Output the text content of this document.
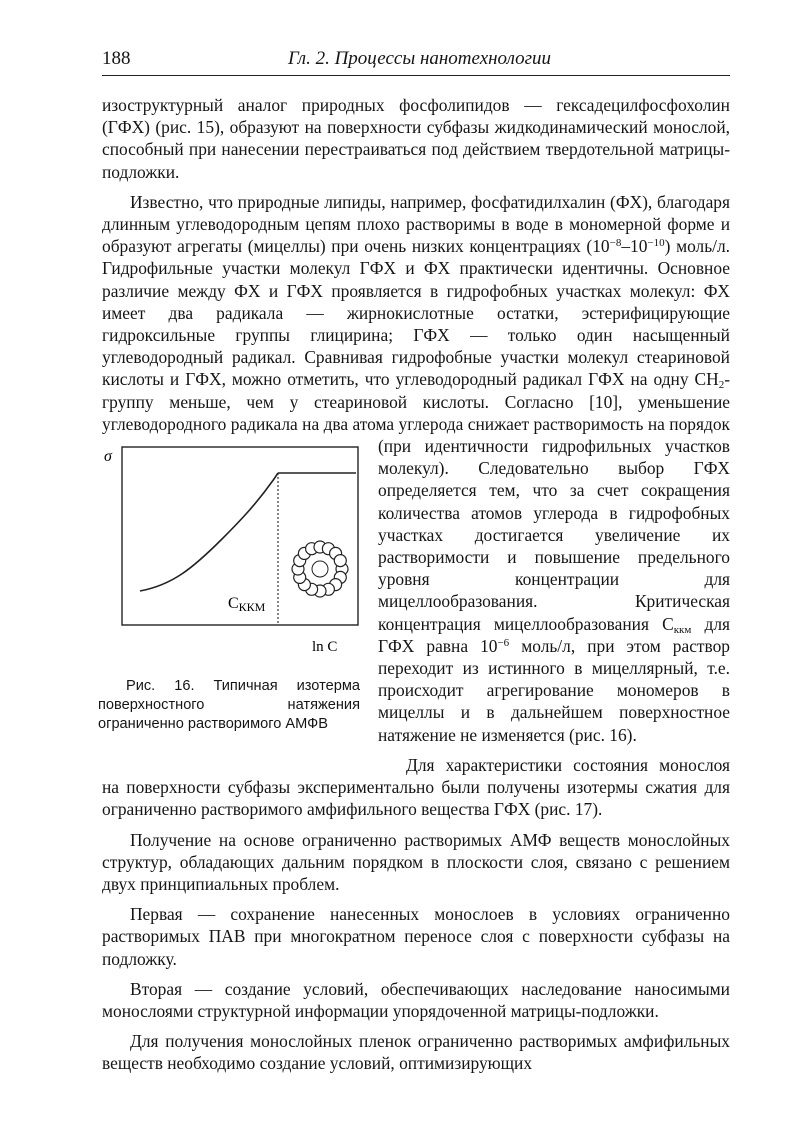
188	Гл. 2. Процессы нанотехнологии

изоструктурный аналог природных фосфолипидов — гексадецилфосфохолин (ГФХ) (рис. 15), образуют на поверхности субфазы жидкодинамический монослой, способный при нанесении перестраиваться под действием твердотельной матрицы-подложки.

Известно, что природные липиды, например, фосфатидилхалин (ФХ), благодаря длинным углеводородным цепям плохо растворимы в воде в мономерной форме и образуют агрегаты (мицеллы) при очень низких концентрациях $(10^{-8}-10^{-10})$ моль/л. Гидрофильные участки молекул ГФХ и ФХ практически идентичны. Основное различие между ФХ и ГФХ проявляется в гидрофобных участках молекул: ФХ имеет два радикала — жирнокислотные остатки, эстерифицирующие гидроксильные группы глицирина; ГФХ — только один насыщенный углеводородный радикал. Сравнивая гидрофобные участки молекул стеариновой кислоты и ГФХ, можно отметить, что углеводородный радикал ГФХ на одну $СН_2$-группу меньше, чем у стеариновой кислоты. Согласно [10], уменьшение углеводородного радикала на два атома углерода снижает
σ
СККМ
ln C
Рис. 16. Типичная изотерма поверхностного натяжения ограниченно растворимого АМФВ
растворимость на порядок (при идентичности гидрофильных участков молекул). Следовательно выбор ГФХ определяется тем, что за счет сокращения количества атомов углерода в гидрофобных участках достигается увеличение их растворимости и повышение предельного уровня концентрации для мицеллообразования. Критическая концентрация мицеллообразования $С_{ккм}$ для ГФХ равна $10^{-6}$ моль/л, при этом раствор переходит из истинного в мицеллярный, т.е. происходит агрегирование мономеров в мицеллы и в дальнейшем поверхностное натяжение не изменяется (рис. 16).

Для характеристики состояния монослоя на поверхности субфазы экспериментально были получены изотермы сжатия для ограниченно растворимого амфифильного вещества ГФХ (рис. 17).

Получение на основе ограниченно растворимых АМФ веществ монослойных структур, обладающих дальним порядком в плоскости слоя, связано с решением двух принципиальных проблем.

Первая — сохранение нанесенных монослоев в условиях ограниченно растворимых ПАВ при многократном переносе слоя с поверхности субфазы на подложку.

Вторая — создание условий, обеспечивающих наследование наносимыми монослоями структурной информации упорядоченной матрицы-подложки.

Для получения монослойных пленок ограниченно растворимых амфифильных веществ необходимо создание условий, оптимизирующих
